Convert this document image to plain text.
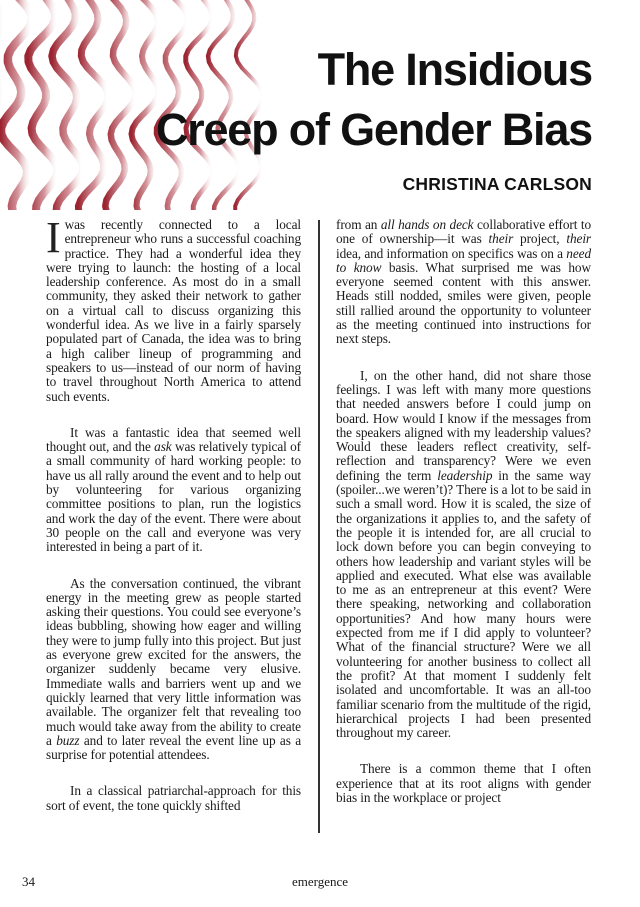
The Insidious
Creep of Gender Bias

CHRISTINA CARLSON

Iwas recently connected to a local entrepreneur who runs a successful coaching practice. They had a wonderful idea they were trying to launch: the hosting of a local leadership conference. As most do in a small community, they asked their network to gather on a virtual call to discuss organizing this wonderful idea. As we live in a fairly sparsely populated part of Canada, the idea was to bring a high caliber lineup of programming and speakers to us—instead of our norm of having to travel throughout North America to attend such events.

It was a fantastic idea that seemed well thought out, and the ask was relatively typical of a small community of hard working people: to have us all rally around the event and to help out by volunteering for various organizing committee positions to plan, run the logistics and work the day of the event. There were about 30 people on the call and everyone was very interested in being a part of it.

As the conversation continued, the vibrant energy in the meeting grew as people started asking their questions. You could see everyone’s ideas bubbling, showing how eager and willing they were to jump fully into this project. But just as everyone grew excited for the answers, the organizer suddenly became very elusive. Immediate walls and barriers went up and we quickly learned that very little information was available. The organizer felt that revealing too much would take away from the ability to create a buzz and to later reveal the event line up as a surprise for potential attendees.

In a classical patriarchal-approach for this sort of event, the tone quickly shifted

from an all hands on deck collaborative effort to one of ownership—it was their project, their idea, and information on specifics was on a need to know basis. What surprised me was how everyone seemed content with this answer. Heads still nodded, smiles were given, people still rallied around the opportunity to volunteer as the meeting continued into instructions for next steps.

I, on the other hand, did not share those feelings. I was left with many more questions that needed answers before I could jump on board. How would I know if the messages from the speakers aligned with my leadership values? Would these leaders reflect creativity, self-reflection and transparency? Were we even defining the term leadership in the same way (spoiler...we weren’t)? There is a lot to be said in such a small word. How it is scaled, the size of the organizations it applies to, and the safety of the people it is intended for, are all crucial to lock down before you can begin conveying to others how leadership and variant styles will be applied and executed. What else was available to me as an entrepreneur at this event? Were there speaking, networking and collaboration opportunities? And how many hours were expected from me if I did apply to volunteer? What of the financial structure? Were we all volunteering for another business to collect all the profit? At that moment I suddenly felt isolated and uncomfortable. It was an all-too familiar scenario from the multitude of the rigid, hierarchical projects I had been presented throughout my career.

There is a common theme that I often experience that at its root aligns with gender bias in the workplace or project

emergence

34
